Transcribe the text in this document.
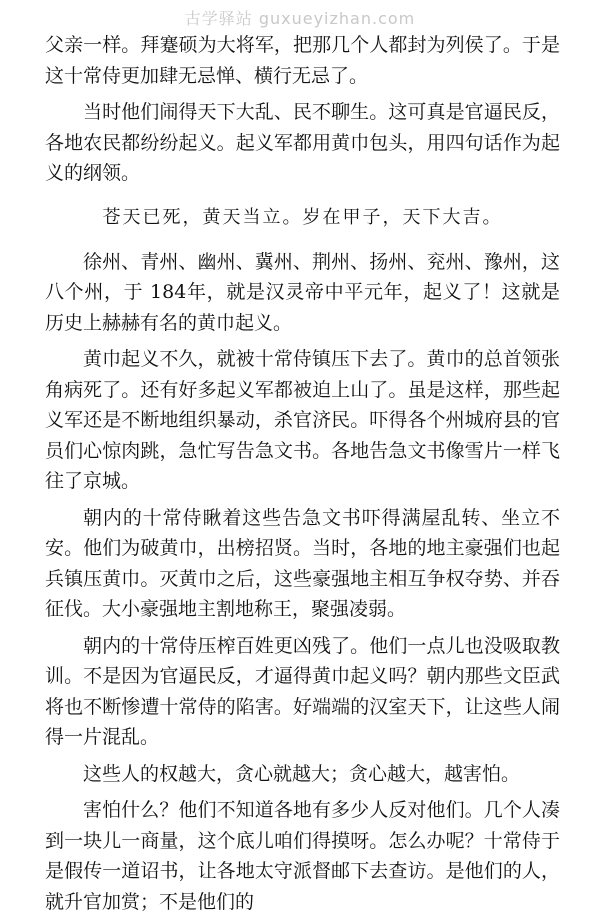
古学驿站 guxueyizhan.com

父亲一样。拜蹇硕为大将军，把那几个人都封为列侯了。于是这十常侍更加肆无忌惮、横行无忌了。

当时他们闹得天下大乱、民不聊生。这可真是官逼民反，各地农民都纷纷起义。起义军都用黄巾包头，用四句话作为起义的纲领。

苍天已死，黄天当立。岁在甲子，天下大吉。

徐州、青州、幽州、冀州、荆州、扬州、兖州、豫州，这八个州，于 184年，就是汉灵帝中平元年，起义了！这就是历史上赫赫有名的黄巾起义。

黄巾起义不久，就被十常侍镇压下去了。黄巾的总首领张角病死了。还有好多起义军都被迫上山了。虽是这样，那些起义军还是不断地组织暴动，杀官济民。吓得各个州城府县的官员们心惊肉跳，急忙写告急文书。各地告急文书像雪片一样飞往了京城。

朝内的十常侍瞅着这些告急文书吓得满屋乱转、坐立不安。他们为破黄巾，出榜招贤。当时，各地的地主豪强们也起兵镇压黄巾。灭黄巾之后，这些豪强地主相互争权夺势、并吞征伐。大小豪强地主割地称王，聚强凌弱。

朝内的十常侍压榨百姓更凶残了。他们一点儿也没吸取教训。不是因为官逼民反，才逼得黄巾起义吗？朝内那些文臣武将也不断惨遭十常侍的陷害。好端端的汉室天下，让这些人闹得一片混乱。

这些人的权越大，贪心就越大；贪心越大，越害怕。

害怕什么？他们不知道各地有多少人反对他们。几个人凑到一块儿一商量，这个底儿咱们得摸呀。怎么办呢？十常侍于是假传一道诏书，让各地太守派督邮下去查访。是他们的人，就升官加赏；不是他们的
